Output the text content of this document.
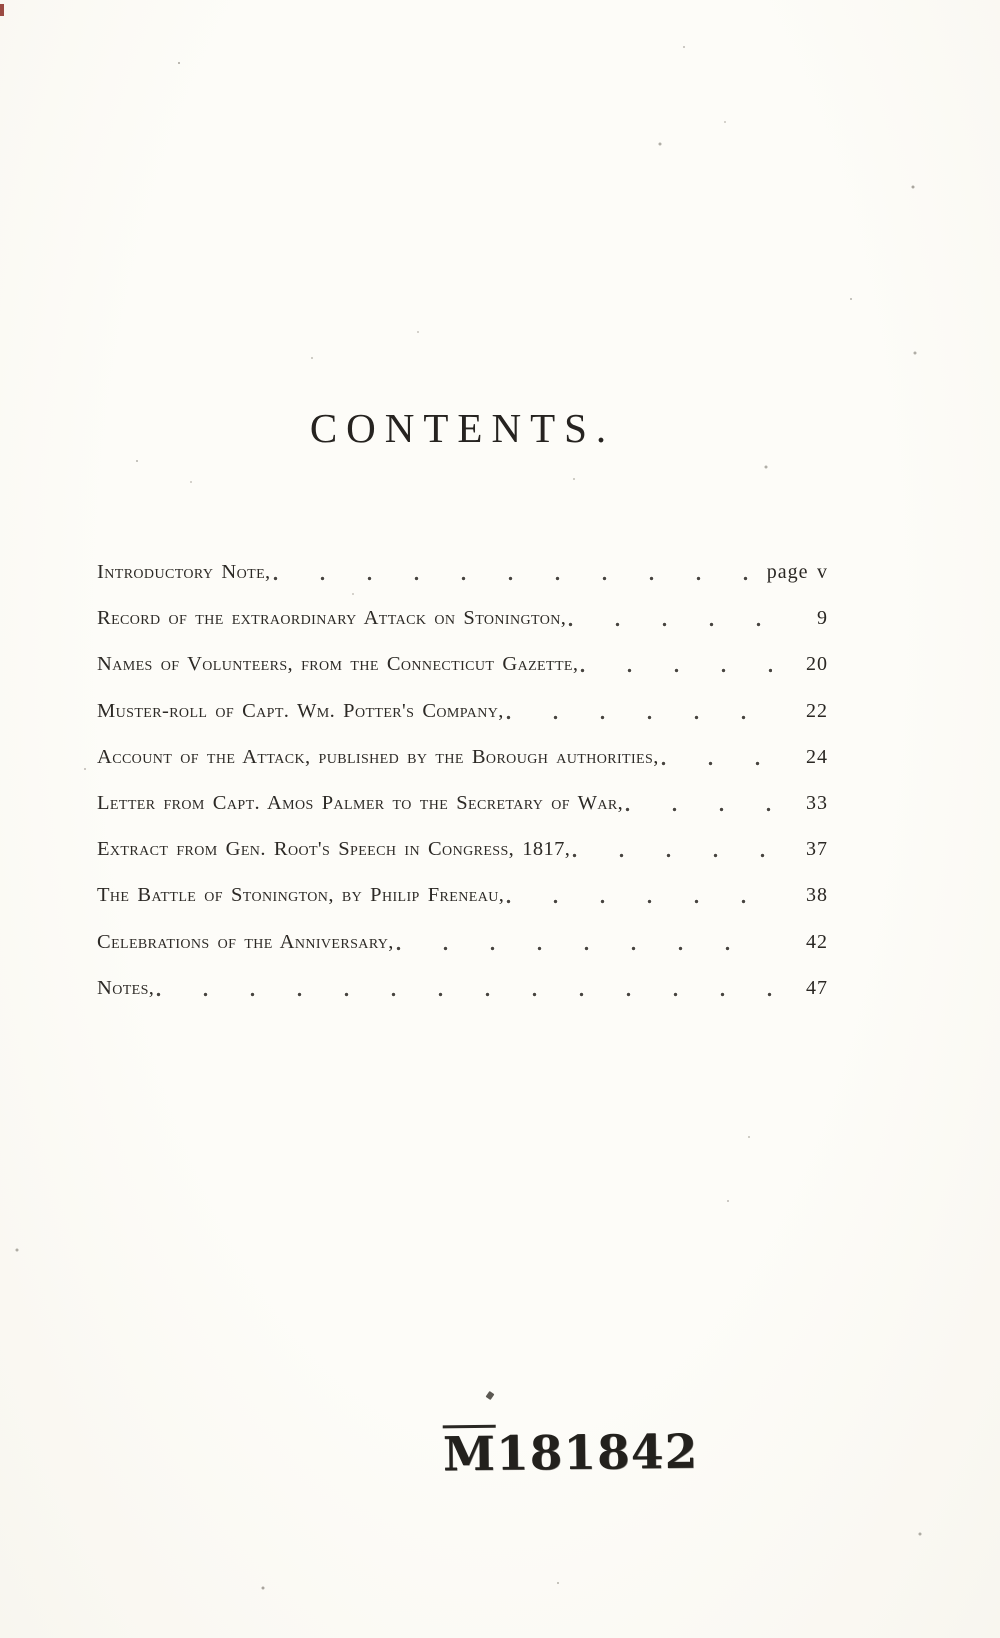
CONTENTS.
Introductory Note,	page v
Record of the extraordinary Attack on Stonington,	9
Names of Volunteers, from the Connecticut Gazette,	20
Muster-roll of Capt. Wm. Potter's Company,	22
Account of the Attack, published by the Borough authorities,	24
Letter from Capt. Amos Palmer to the Secretary of War,	33
Extract from Gen. Root's Speech in Congress, 1817,	37
The Battle of Stonington, by Philip Freneau,	38
Celebrations of the Anniversary,	42
Notes,	47
M181842
